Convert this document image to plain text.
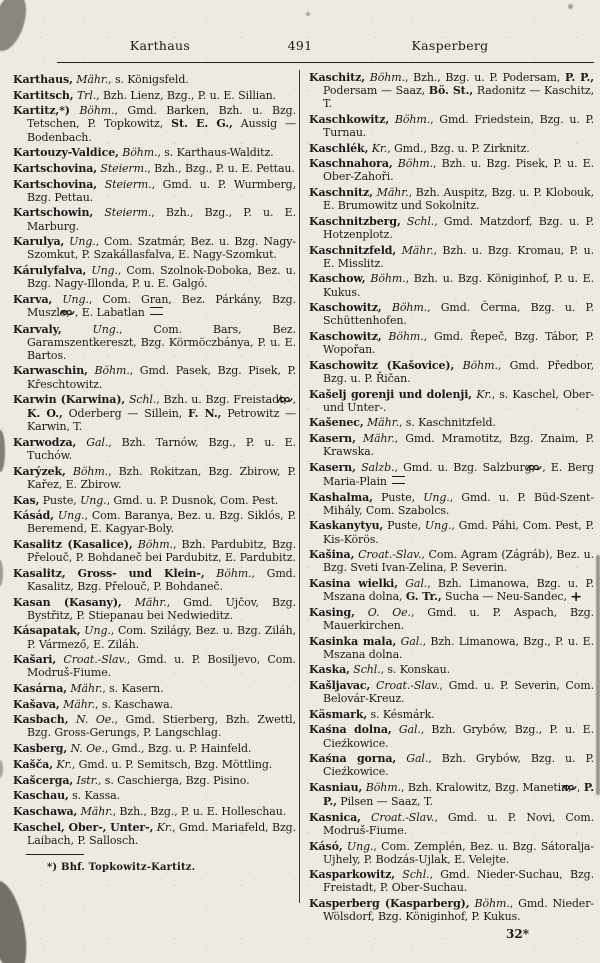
Karthaus	491	Kasperberg

Karthaus, Mähr., s. Königsfeld.

Kartitsch, Trl., Bzh. Lienz, Bzg., P. u. E. Sillian.

Kartitz,*) Böhm., Gmd. Barken, Bzh. u. Bzg. Tetschen, P. Topkowitz, St. E. G., Aussig — Bodenbach.

Kartouzy-Valdice, Böhm., s. Karthaus-Walditz.

Kartschovina, Steierm., Bzh., Bzg., P. u. E. Pettau.

Kartschovina, Steierm., Gmd. u. P. Wurmberg, Bzg. Pettau.

Kartschowin, Steierm., Bzh., Bzg., P. u. E. Marburg.

Karulya, Ung., Com. Szatmár, Bez. u. Bzg. Nagy-Szomkut, P. Szakállasfalva, E. Nagy-Szomkut.

Kárulyfalva, Ung., Com. Szolnok-Doboka, Bez. u. Bzg. Nagy-Illonda, P. u. E. Galgó.

Karva, Ung., Com. Gran, Bez. Párkány, Bzg. Muszle, , E. Labatlan

Karvaly, Ung., Com. Bars, Bez. Garamszentkereszt, Bzg. Körmöczbánya, P. u. E. Bartos.

Karwaschin, Böhm., Gmd. Pasek, Bzg. Pisek, P. Křeschtowitz.

Karwin (Karwina), Schl., Bzh. u. Bzg. Freistadt, , K. O., Oderberg — Sillein, F. N., Petrowitz — Karwin, T.

Karwodza, Gal., Bzh. Tarnów, Bzg., P. u. E. Tuchów.

Karýzek, Böhm., Bzh. Rokitzan, Bzg. Zbirow, P. Kařez, E. Zbirow.

Kas, Puste, Ung., Gmd. u. P. Dusnok, Com. Pest.

Kásád, Ung., Com. Baranya, Bez. u. Bzg. Siklós, P. Beremend, E. Kagyar-Boly.

Kasalitz (Kasalice), Böhm., Bzh. Pardubitz, Bzg. Přelouč, P. Bohdaneč bei Pardubitz, E. Pardubitz.

Kasalitz, Gross- und Klein-, Böhm., Gmd. Kasalitz, Bzg. Přelouč, P. Bohdaneč.

Kasan (Kasany), Mähr., Gmd. Ujčov, Bzg. Bystřitz, P. Stiepanau bei Nedwieditz.

Kásapatak, Ung., Com. Szilágy, Bez. u. Bzg. Ziláh, P. Vármező, E. Ziláh.

Kašari, Croat.-Slav., Gmd. u. P. Bosiljevo, Com. Modruš-Fiume.

Kasárna, Mähr., s. Kasern.

Kašava, Mähr., s. Kaschawa.

Kasbach, N. Oe., Gmd. Stierberg, Bzh. Zwettl, Bzg. Gross-Gerungs, P. Langschlag.

Kasberg, N. Oe., Gmd., Bzg. u. P. Hainfeld.

Kašča, Kr., Gmd. u. P. Semitsch, Bzg. Möttling.

Kašcerga, Istr., s. Caschierga, Bzg. Pisino.

Kaschau, s. Kassa.

Kaschawa, Mähr., Bzh., Bzg., P. u. E. Holleschau.

Kaschel, Ober-, Unter-, Kr., Gmd. Mariafeld, Bzg. Laibach, P. Sallosch.

*) Bhf. Topkowitz-Kartitz.

Kaschitz, Böhm., Bzh., Bzg. u. P. Podersam, P. P., Podersam — Saaz, Bö. St., Radonitz — Kaschitz, T.

Kaschkowitz, Böhm., Gmd. Friedstein, Bzg. u. P. Turnau.

Kaschlék, Kr., Gmd., Bzg. u. P. Zirknitz.

Kaschnahora, Böhm., Bzh. u. Bzg. Pisek, P. u. E. Ober-Zahoři.

Kaschnitz, Mähr., Bzh. Auspitz, Bzg. u. P. Klobouk, E. Brumowitz und Sokolnitz.

Kaschnitzberg, Schl., Gmd. Matzdorf, Bzg. u. P. Hotzenplotz.

Kaschnitzfeld, Mähr., Bzh. u. Bzg. Kromau, P. u. E. Misslitz.

Kaschow, Böhm., Bzh. u. Bzg. Königinhof, P. u. E. Kukus.

Kaschowitz, Böhm., Gmd. Čerma, Bzg. u. P. Schüttenhofen.

Kaschowitz, Böhm., Gmd. Řepeč, Bzg. Tábor, P. Wopořan.

Kaschowitz (Kašovice), Böhm., Gmd. Předbor, Bzg. u. P. Řičan.

Kašelj gorenji und dolenji, Kr., s. Kaschel, Ober- und Unter-.

Kašenec, Mähr., s. Kaschnitzfeld.

Kasern, Mähr., Gmd. Mramotitz, Bzg. Znaim, P. Krawska.

Kasern, Salzb., Gmd. u. Bzg. Salzburg, , E. Berg Maria-Plain

Kashalma, Puste, Ung., Gmd. u. P. Büd-Szent-Mihály, Com. Szabolcs.

Kaskanytyu, Puste, Ung., Gmd. Páhi, Com. Pest, P. Kis-Körös.

Kašina, Croat.-Slav., Com. Agram (Zágráb), Bez. u. Bzg. Sveti Ivan-Zelina, P. Severin.

Kasina wielki, Gal., Bzh. Limanowa, Bzg. u. P. Mszana dolna, G. Tr., Sucha — Neu-Sandec, +

Kasing, O. Oe., Gmd. u. P. Aspach, Bzg. Mauerkirchen.

Kasinka mala, Gal., Bzh. Limanowa, Bzg., P. u. E. Mszana dolna.

Kaska, Schl., s. Konskau.

Kašljavac, Croat.-Slav., Gmd. u. P. Severin, Com. Belovár-Kreuz.

Käsmark, s. Késmárk.

Kaśna dolna, Gal., Bzh. Grybów, Bzg., P. u. E. Cieźkowice.

Kaśna gorna, Gal., Bzh. Grybów, Bzg. u. P. Cieźkowice.

Kasniau, Böhm., Bzh. Kralowitz, Bzg. Manetin, , P. P., Pilsen — Saaz, T.

Kasnica, Croat.-Slav., Gmd. u. P. Novi, Com. Modruš-Fiume.

Kásó, Ung., Com. Zemplén, Bez. u. Bzg. Sátoralja-Ujhely, P. Bodzás-Ujlak, E. Velejte.

Kasparkowitz, Schl., Gmd. Nieder-Suchau, Bzg. Freistadt, P. Ober-Suchau.

Kasperberg (Kasparberg), Böhm., Gmd. Nieder-Wölsdorf, Bzg. Königinhof, P. Kukus.

32*
